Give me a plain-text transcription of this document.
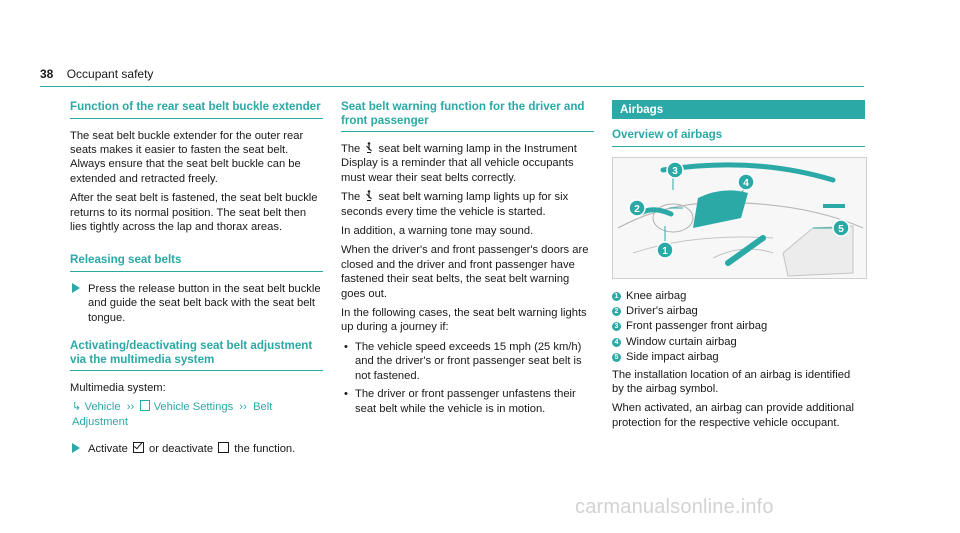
38 Occupant safety
Function of the rear seat belt buckle extender

The seat belt buckle extender for the outer rear seats makes it easier to fasten the seat belt. Always ensure that the seat belt buckle can be extended and retracted freely.

After the seat belt is fastened, the seat belt buckle returns to its normal position. The seat belt then lies tightly across the lap and thorax areas.

Releasing seat belts
Press the release button in the seat belt buckle and guide the seat belt back with the seat belt tongue.
Activating/deactivating seat belt adjustment via the multimedia system

Multimedia system:

↳ Vehicle  ››   Vehicle Settings  ››  Belt Adjustment

Activate or deactivate the function.
Seat belt warning function for the driver and front passenger

The seat belt warning lamp in the Instrument Display is a reminder that all vehicle occupants must wear their seat belts correctly.

The seat belt warning lamp lights up for six seconds every time the vehicle is started.

In addition, a warning tone may sound.

When the driver's and front passenger's doors are closed and the driver and front passenger have fastened their seat belts, the seat belt warning goes out.

In the following cases, the seat belt warning lights up during a journey if:

• The vehicle speed exceeds 15 mph (25 km/h) and the driver's or front passenger seat belt is not fastened.
• The driver or front passenger unfastens their seat belt while the vehicle is in motion.
Airbags
Overview of airbags
1
2
3
4
5
1 Knee airbag
2 Driver's airbag
3 Front passenger front airbag
4 Window curtain airbag
5 Side impact airbag

The installation location of an airbag is identified by the airbag symbol.

When activated, an airbag can provide additional protection for the respective vehicle occupant.

carmanualsonline.info
